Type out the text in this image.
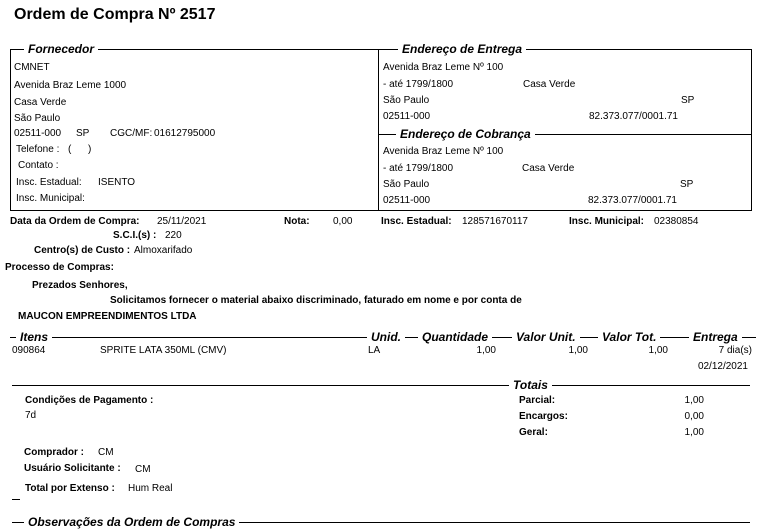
Ordem de Compra Nº 2517
Fornecedor
CMNET
Avenida Braz Leme 1000
Casa Verde
São Paulo
02511-000 SP CGC/MF: 01612795000
Telefone : (      )
Contato :
Insc. Estadual: ISENTO
Insc. Municipal:
Endereço de Entrega
Avenida Braz Leme Nº 100
- até 1799/1800	Casa Verde
São Paulo	SP
02511-000	82.373.077/0001.71
Endereço de Cobrança
Avenida Braz Leme Nº 100
- até 1799/1800	Casa Verde
São Paulo	SP
02511-000	82.373.077/0001.71
Data da Ordem de Compra: 25/11/2021	Nota: 0,00	Insc. Estadual: 128571670117	Insc. Municipal: 02380854
S.C.I.(s) : 220
Centro(s) de Custo : Almoxarifado
Processo de Compras:
Prezados Senhores,
Solicitamos fornecer o material abaixo discriminado, faturado em nome e por conta de
MAUCON EMPREENDIMENTOS LTDA
Itens	Unid.	Quantidade	Valor Unit.	Valor Tot.	Entrega
090864	SPRITE LATA 350ML (CMV)	LA	1,00	1,00	1,00	7 dia(s)
02/12/2021
Totais
Condições de Pagamento :
7d
Parcial:	1,00
Encargos:	0,00
Geral:	1,00
Comprador : CM
Usuário Solicitante : CM
Total por Extenso : Hum Real
Observações da Ordem de Compras
